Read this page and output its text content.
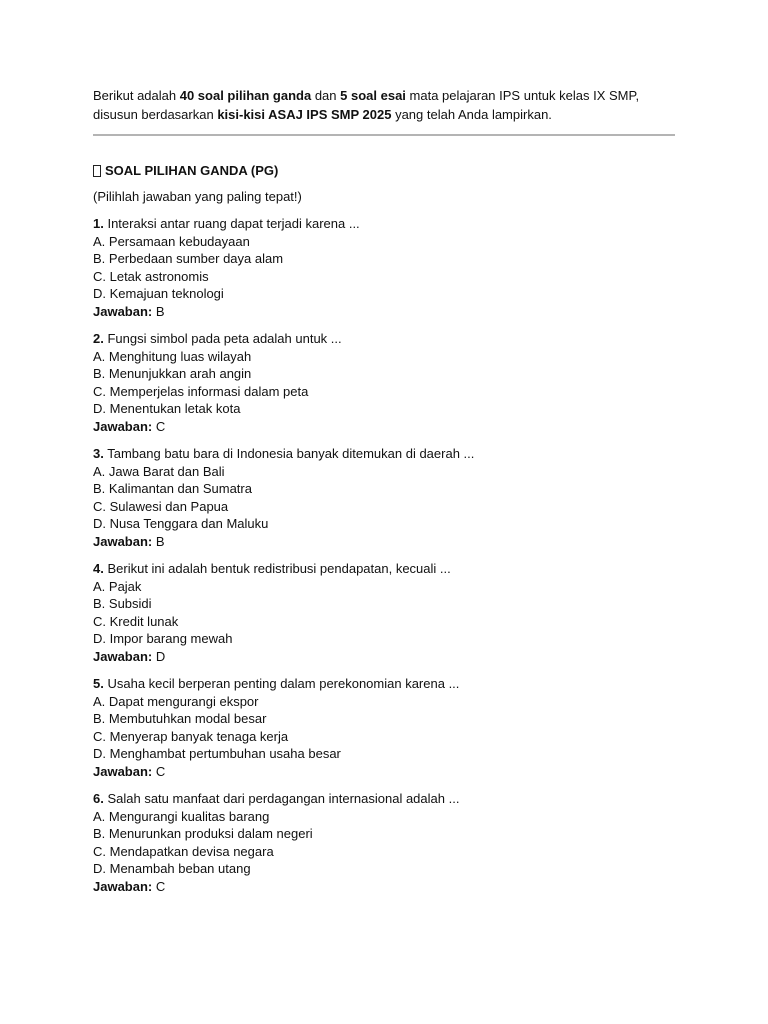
Berikut adalah 40 soal pilihan ganda dan 5 soal esai mata pelajaran IPS untuk kelas IX SMP, disusun berdasarkan kisi-kisi ASAJ IPS SMP 2025 yang telah Anda lampirkan.

SOAL PILIHAN GANDA (PG)
(Pilihlah jawaban yang paling tepat!)
1. Interaksi antar ruang dapat terjadi karena ...
A. Persamaan kebudayaan
B. Perbedaan sumber daya alam
C. Letak astronomis
D. Kemajuan teknologi
Jawaban: B
2. Fungsi simbol pada peta adalah untuk ...
A. Menghitung luas wilayah
B. Menunjukkan arah angin
C. Memperjelas informasi dalam peta
D. Menentukan letak kota
Jawaban: C
3. Tambang batu bara di Indonesia banyak ditemukan di daerah ...
A. Jawa Barat dan Bali
B. Kalimantan dan Sumatra
C. Sulawesi dan Papua
D. Nusa Tenggara dan Maluku
Jawaban: B
4. Berikut ini adalah bentuk redistribusi pendapatan, kecuali ...
A. Pajak
B. Subsidi
C. Kredit lunak
D. Impor barang mewah
Jawaban: D
5. Usaha kecil berperan penting dalam perekonomian karena ...
A. Dapat mengurangi ekspor
B. Membutuhkan modal besar
C. Menyerap banyak tenaga kerja
D. Menghambat pertumbuhan usaha besar
Jawaban: C
6. Salah satu manfaat dari perdagangan internasional adalah ...
A. Mengurangi kualitas barang
B. Menurunkan produksi dalam negeri
C. Mendapatkan devisa negara
D. Menambah beban utang
Jawaban: C
